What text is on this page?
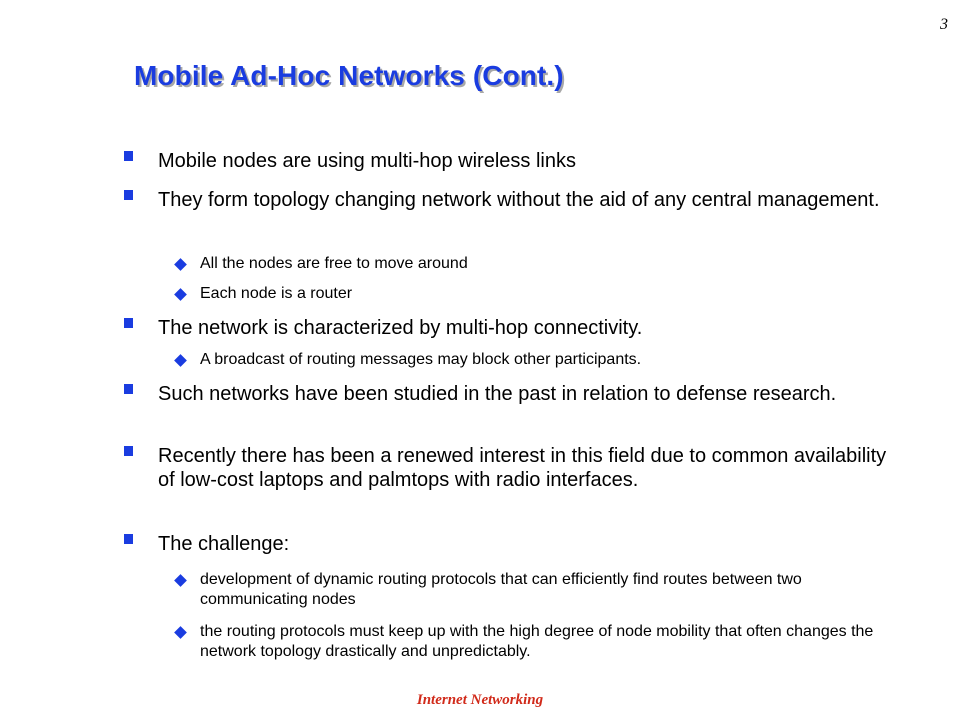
3
Mobile Ad-Hoc Networks (Cont.)
Mobile nodes are using multi-hop wireless links
They form topology changing network without the aid of any central management.
All the nodes are free to move around
Each node is a router
The network is characterized by multi-hop connectivity.
A broadcast of routing messages may block other participants.
Such networks have been studied in the past in relation to defense research.
Recently there has been a renewed interest in this field due to common availability of low-cost laptops and palmtops with radio interfaces.
The challenge:
development of dynamic routing protocols that can efficiently find routes between two communicating nodes
the routing protocols must keep up with the high degree of node mobility that often changes the network topology drastically and unpredictably.
Internet Networking
